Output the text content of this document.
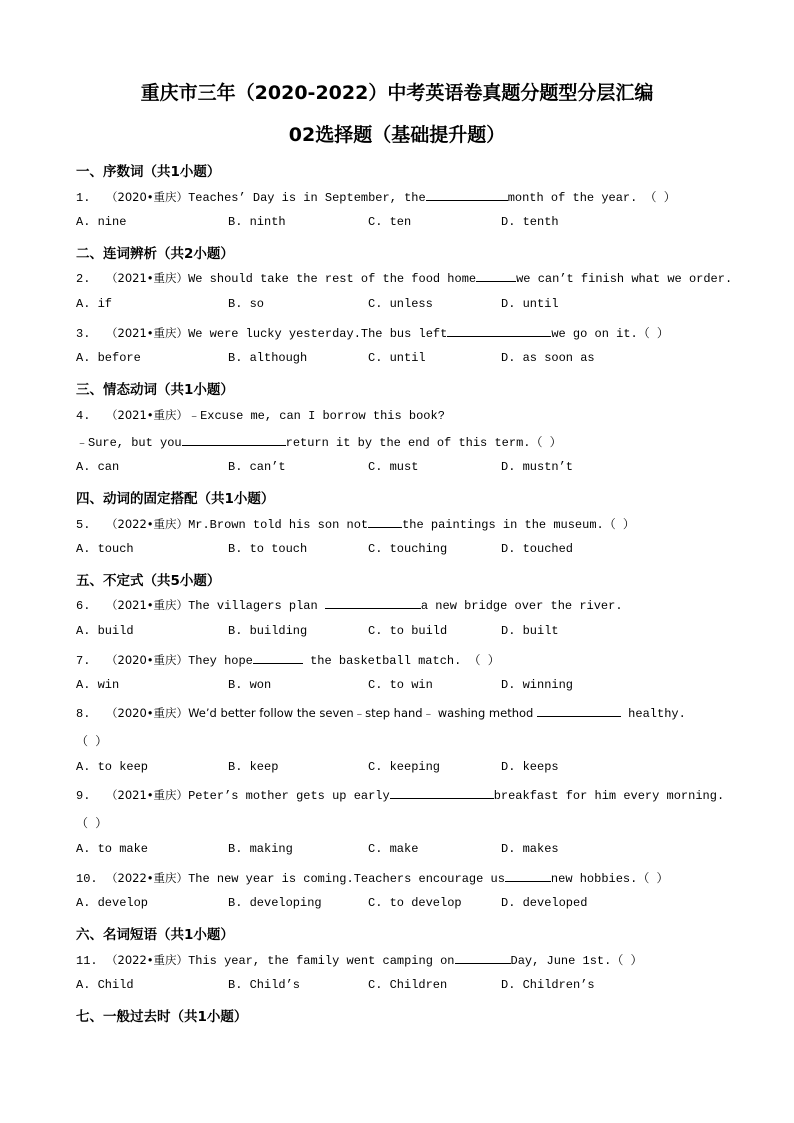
重庆市三年（2020-2022）中考英语卷真题分题型分层汇编
02选择题（基础提升题）
一、序数词（共1小题）
1. （2020•重庆）Teaches’ Day is in September, the	month of the year. （ ）
A. nine	B. ninth	C. ten	D. tenth
二、连词辨析（共2小题）
2. （2021•重庆）We should take the rest of the food home	we can’t finish what we order.
A. if	B. so	C. unless	D. until
3. （2021•重庆）We were lucky yesterday.The bus left	we go on it.（ ）
A. before	B. although	C. until	D. as soon as
三、情态动词（共1小题）
4. （2021•重庆）﹣Excuse me, can I borrow this book?
﹣Sure, but you	return it by the end of this term.（ ）
A. can	B. can’t	C. must	D. mustn’t
四、动词的固定搭配（共1小题）
5. （2022•重庆）Mr.Brown told his son not	the paintings in the museum.（ ）
A. touch	B. to touch	C. touching	D. touched
五、不定式（共5小题）
6. （2021•重庆）The villagers plan	a new bridge over the river.
A. build	B. building	C. to build	D. built
7. （2020•重庆）They hope	the basketball match. （ ）
A. win	B. won	C. to win	D. winning
8. （2020•重庆）We’d better follow the seven﹣step hand﹣ washing method	healthy.
（ ）
A. to keep	B. keep	C. keeping	D. keeps
9. （2021•重庆）Peter’s mother gets up early	breakfast for him every morning.
（ ）
A. to make	B. making	C. make	D. makes
10. （2022•重庆）The new year is coming.Teachers encourage us	new hobbies.（ ）
A. develop	B. developing	C. to develop	D. developed
六、名词短语（共1小题）
11. （2022•重庆）This year, the family went camping on	Day, June 1st.（ ）
A. Child	B. Child’s	C. Children	D. Children’s
七、一般过去时（共1小题）
